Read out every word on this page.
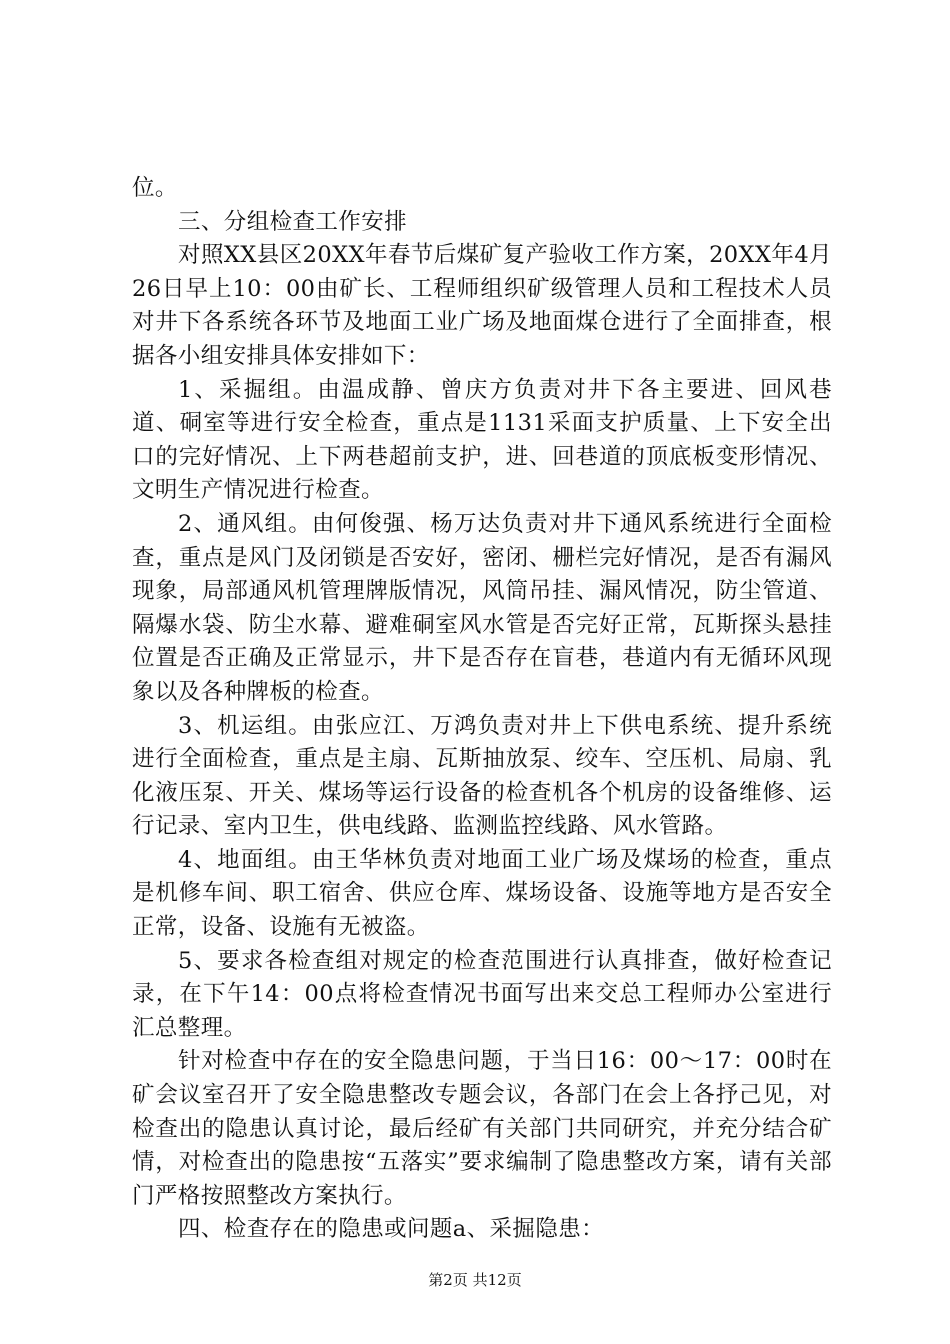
位。

三、分组检查工作安排

对照XX县区20XX年春节后煤矿复产验收工作方案，20XX年4月26日早上10：00由矿长、工程师组织矿级管理人员和工程技术人员对井下各系统各环节及地面工业广场及地面煤仓进行了全面排查，根据各小组安排具体安排如下：

1、采掘组。由温成静、曾庆方负责对井下各主要进、回风巷道、硐室等进行安全检查，重点是1131采面支护质量、上下安全出口的完好情况、上下两巷超前支护，进、回巷道的顶底板变形情况、文明生产情况进行检查。

2、通风组。由何俊强、杨万达负责对井下通风系统进行全面检查，重点是风门及闭锁是否安好，密闭、栅栏完好情况，是否有漏风现象，局部通风机管理牌版情况，风筒吊挂、漏风情况，防尘管道、隔爆水袋、防尘水幕、避难硐室风水管是否完好正常，瓦斯探头悬挂位置是否正确及正常显示，井下是否存在盲巷，巷道内有无循环风现象以及各种牌板的检查。

3、机运组。由张应江、万鸿负责对井上下供电系统、提升系统进行全面检查，重点是主扇、瓦斯抽放泵、绞车、空压机、局扇、乳化液压泵、开关、煤场等运行设备的检查机各个机房的设备维修、运行记录、室内卫生，供电线路、监测监控线路、风水管路。

4、地面组。由王华林负责对地面工业广场及煤场的检查，重点是机修车间、职工宿舍、供应仓库、煤场设备、设施等地方是否安全正常，设备、设施有无被盗。

5、要求各检查组对规定的检查范围进行认真排查，做好检查记录，在下午14：00点将检查情况书面写出来交总工程师办公室进行汇总整理。

针对检查中存在的安全隐患问题，于当日16：00～17：00时在矿会议室召开了安全隐患整改专题会议，各部门在会上各抒己见，对检查出的隐患认真讨论，最后经矿有关部门共同研究，并充分结合矿情，对检查出的隐患按“五落实”要求编制了隐患整改方案，请有关部门严格按照整改方案执行。

四、检查存在的隐患或问题a、采掘隐患：

第2页 共12页
